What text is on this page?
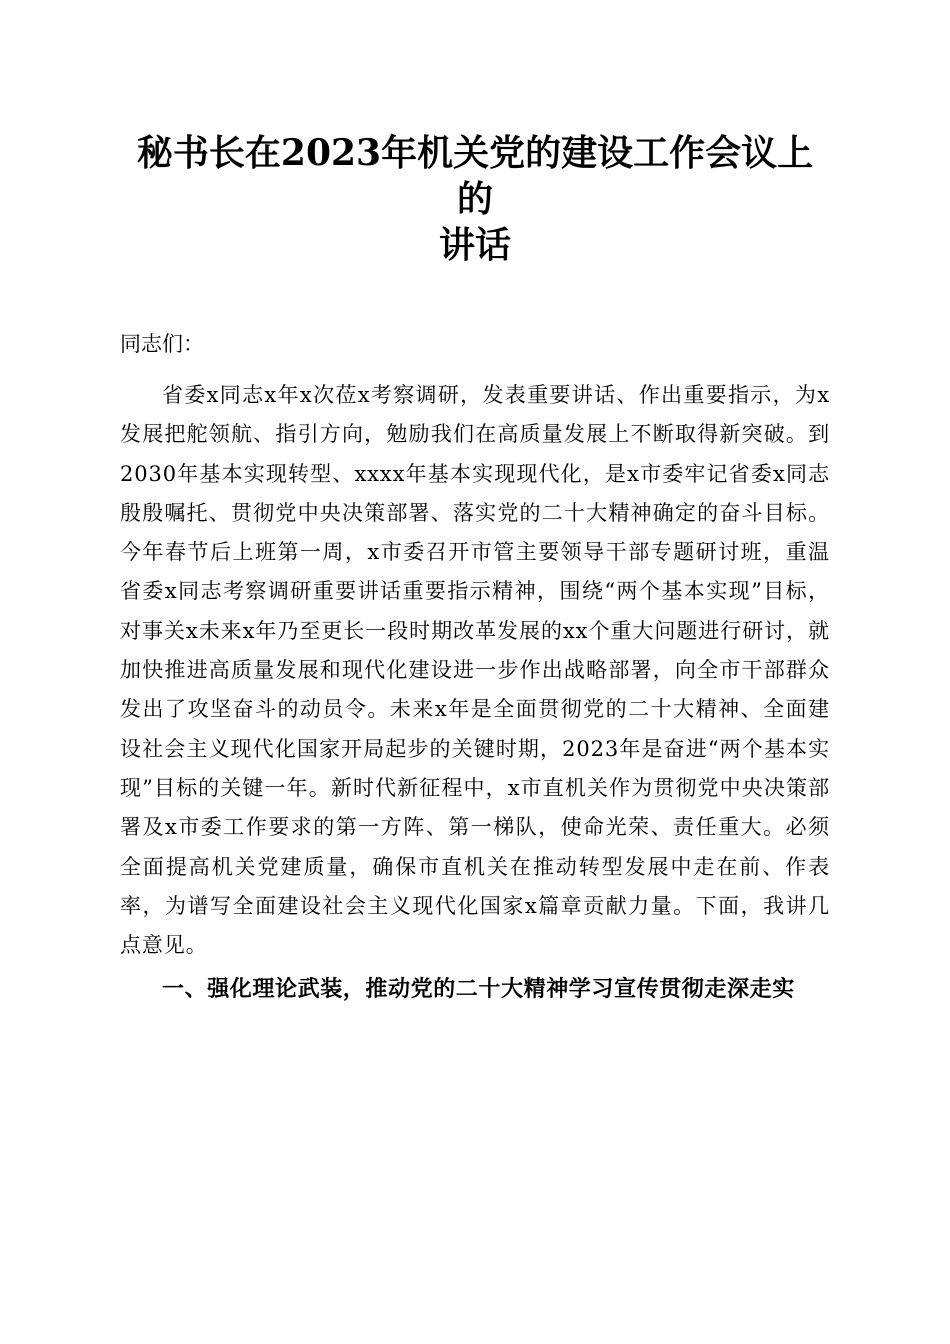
秘书长在2023年机关党的建设工作会议上的
讲话

同志们：

省委x同志x年x次莅x考察调研，发表重要讲话、作出重要指示，为x发展把舵领航、指引方向，勉励我们在高质量发展上不断取得新突破。到2030年基本实现转型、xxxx年基本实现现代化，是x市委牢记省委x同志殷殷嘱托、贯彻党中央决策部署、落实党的二十大精神确定的奋斗目标。今年春节后上班第一周，x市委召开市管主要领导干部专题研讨班，重温省委x同志考察调研重要讲话重要指示精神，围绕“两个基本实现”目标，对事关x未来x年乃至更长一段时期改革发展的xx个重大问题进行研讨，就加快推进高质量发展和现代化建设进一步作出战略部署，向全市干部群众发出了攻坚奋斗的动员令。未来x年是全面贯彻党的二十大精神、全面建设社会主义现代化国家开局起步的关键时期，2023年是奋进“两个基本实现”目标的关键一年。新时代新征程中，x市直机关作为贯彻党中央决策部署及x市委工作要求的第一方阵、第一梯队，使命光荣、责任重大。必须全面提高机关党建质量，确保市直机关在推动转型发展中走在前、作表率，为谱写全面建设社会主义现代化国家x篇章贡献力量。下面，我讲几点意见。

一、强化理论武装，推动党的二十大精神学习宣传贯彻走深走实
